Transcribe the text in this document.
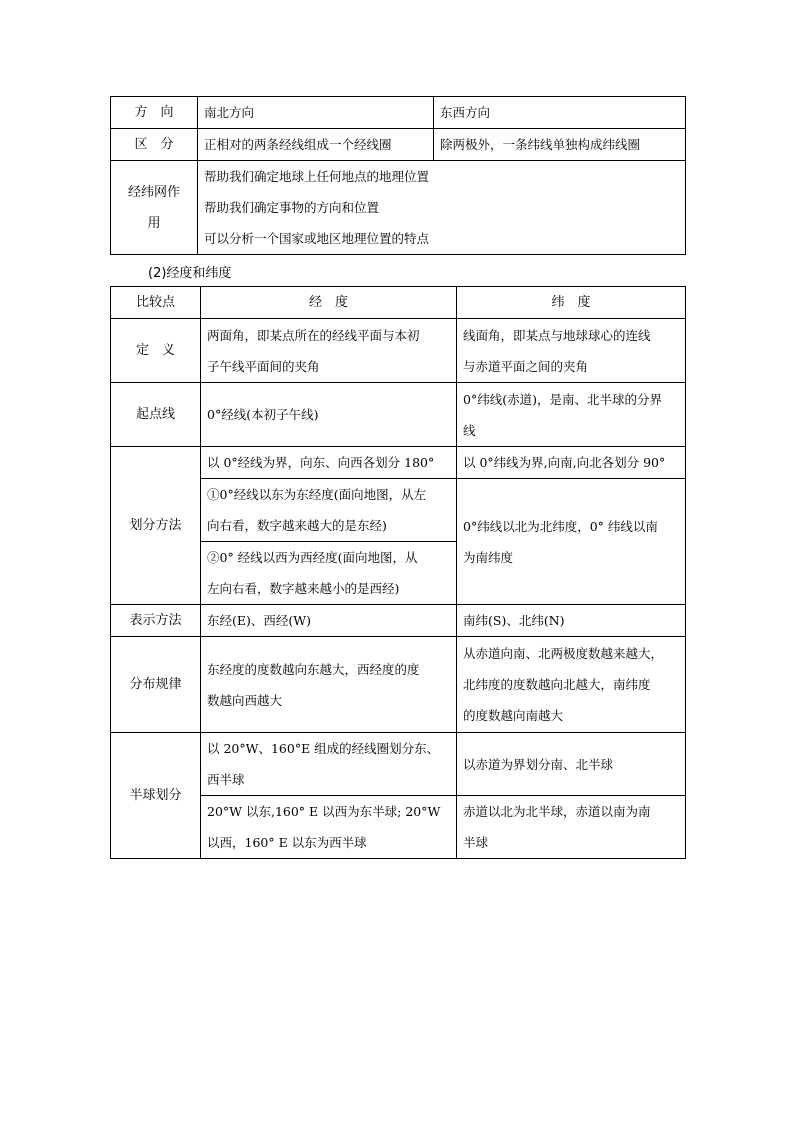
方　向	南北方向	东西方向
区　分	正相对的两条经线组成一个经线圈	除两极外，一条纬线单独构成纬线圈

经纬网作
用	帮助我们确定地球上任何地点的地理位置
帮助我们确定事物的方向和位置
可以分析一个国家或地区地理位置的特点	
(2)经度和纬度
比较点	经　度	纬　度
定　义	两面角，即某点所在的经线平面与本初
子午线平面间的夹角	线面角，即某点与地球球心的连线
与赤道平面之间的夹角

起点线	0°经线(本初子午线)	0°纬线(赤道)，是南、北半球的分界
线

划分方法	以 0°经线为界，向东、向西各划分 180°	以 0°纬线为界,向南,向北各划分 90°

	①0°经线以东为东经度(面向地图，从左
向右看，数字越来越大的是东经)	0°纬线以北为北纬度，0° 纬线以南
为南纬度

	②0° 经线以西为西经度(面向地图，从
左向右看，数字越来越小的是西经)	

表示方法	东经(E)、西经(W)	南纬(S)、北纬(N)
分布规律	东经度的度数越向东越大，西经度的度
数越向西越大	从赤道向南、北两极度数越来越大，
北纬度的度数越向北越大，南纬度
的度数越向南越大

半球划分	以 20°W、160°E 组成的经线圈划分东、
西半球	以赤道为界划分南、北半球

	20°W 以东,160° E 以西为东半球; 20°W
以西，160° E 以东为西半球	赤道以北为北半球，赤道以南为南
半球
